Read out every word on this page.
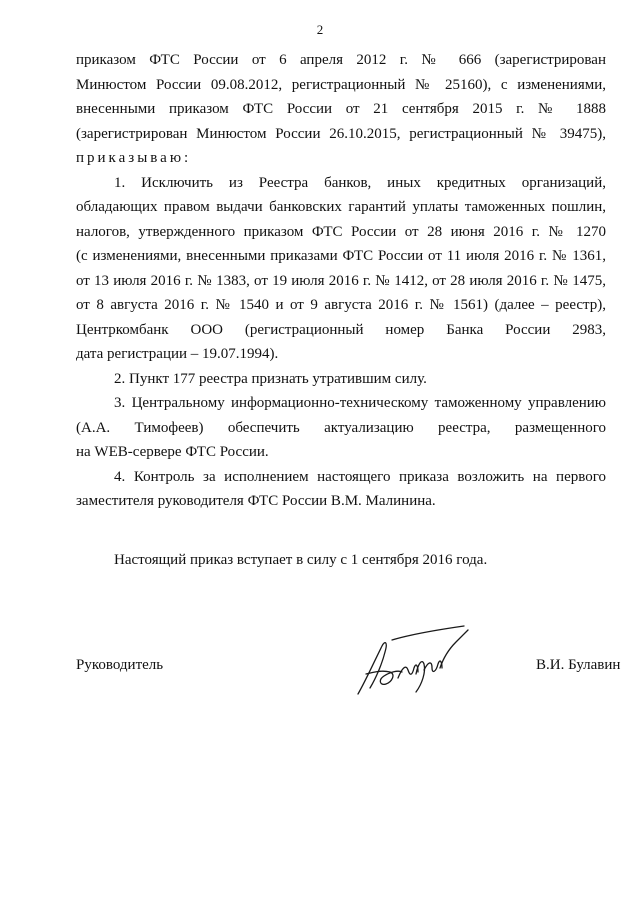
2
приказом ФТС России от 6 апреля 2012 г. № 666 (зарегистрирован
Минюстом России 09.08.2012, регистрационный № 25160), с изменениями,
внесенными приказом ФТС России от 21 сентября 2015 г. № 1888
(зарегистрирован Минюстом России 26.10.2015, регистрационный № 39475),
приказываю:
1. Исключить из Реестра банков, иных кредитных организаций,
обладающих правом выдачи банковских гарантий уплаты таможенных пошлин,
налогов, утвержденного приказом ФТС России от 28 июня 2016 г. № 1270
(с изменениями, внесенными приказами ФТС России от 11 июля 2016 г. № 1361,
от 13 июля 2016 г. № 1383, от 19 июля 2016 г. № 1412, от 28 июля 2016 г. № 1475,
от 8 августа 2016 г. № 1540 и от 9 августа 2016 г. № 1561) (далее – реестр),
Центркомбанк ООО (регистрационный номер Банка России 2983,
дата регистрации – 19.07.1994).
2. Пункт 177 реестра признать утратившим силу.
3. Центральному информационно-техническому таможенному управлению
(А.А. Тимофеев) обеспечить актуализацию реестра, размещенного
на WEB-сервере ФТС России.
4. Контроль за исполнением настоящего приказа возложить на первого
заместителя руководителя ФТС России В.М. Малинина.
Настоящий приказ вступает в силу с 1 сентября 2016 года.
Руководитель	В.И. Булавин
